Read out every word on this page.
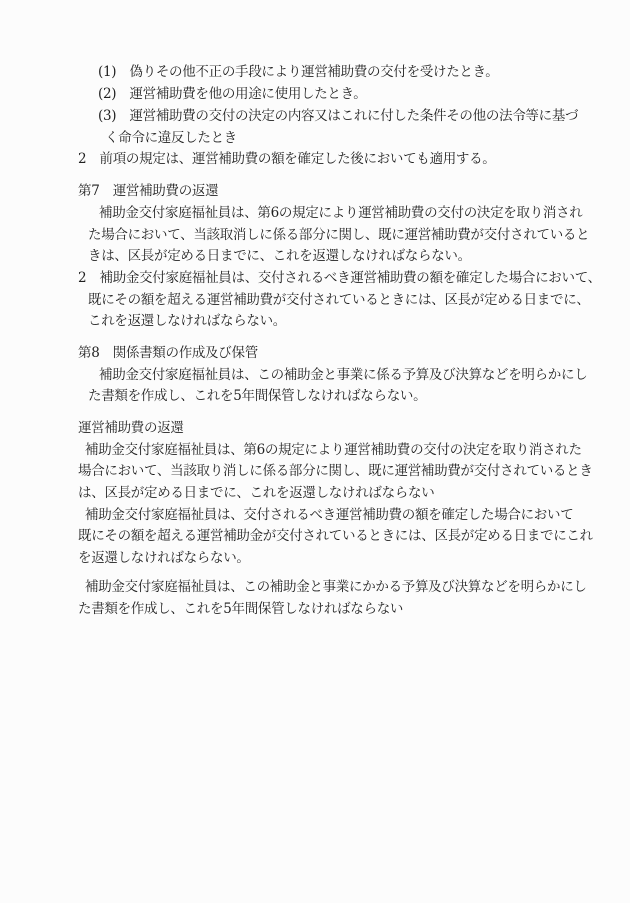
(1)　偽りその他不正の手段により運営補助費の交付を受けたとき。
(2)　運営補助費を他の用途に使用したとき。
(3)　運営補助費の交付の決定の内容又はこれに付した条件その他の法令等に基づ
く命令に違反したとき
2　前項の規定は、運営補助費の額を確定した後においても適用する。
第7　運営補助費の返還
補助金交付家庭福祉員は、第6の規定により運営補助費の交付の決定を取り消され
た場合において、当該取消しに係る部分に関し、既に運営補助費が交付されていると
きは、区長が定める日までに、これを返還しなければならない。
2　補助金交付家庭福祉員は、交付されるべき運営補助費の額を確定した場合において、
既にその額を超える運営補助費が交付されているときには、区長が定める日までに、
これを返還しなければならない。
第8　関係書類の作成及び保管
補助金交付家庭福祉員は、この補助金と事業に係る予算及び決算などを明らかにし
た書類を作成し、これを5年間保管しなければならない。
運営補助費の返還
補助金交付家庭福祉員は、第6の規定により運営補助費の交付の決定を取り消された
場合において、当該取り消しに係る部分に関し、既に運営補助費が交付されているとき
は、区長が定める日までに、これを返還しなければならない
補助金交付家庭福祉員は、交付されるべき運営補助費の額を確定した場合において
既にその額を超える運営補助金が交付されているときには、区長が定める日までにこれ
を返還しなければならない。
補助金交付家庭福祉員は、この補助金と事業にかかる予算及び決算などを明らかにし
た書類を作成し、これを5年間保管しなければならない
